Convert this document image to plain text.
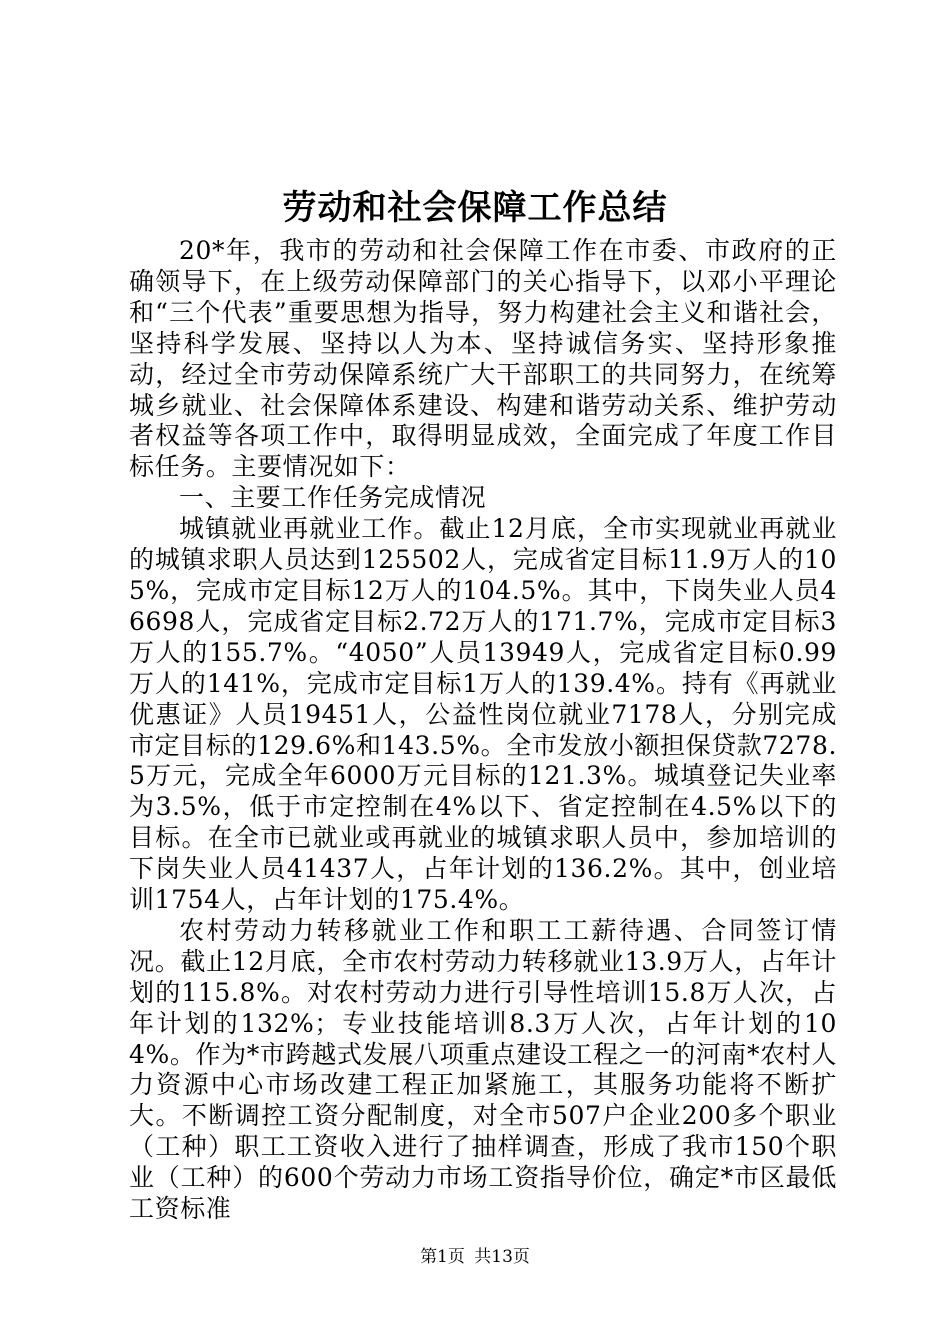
劳动和社会保障工作总结

20*年，我市的劳动和社会保障工作在市委、市政府的正确领导下，在上级劳动保障部门的关心指导下，以邓小平理论和“三个代表”重要思想为指导，努力构建社会主义和谐社会，坚持科学发展、坚持以人为本、坚持诚信务实、坚持形象推动，经过全市劳动保障系统广大干部职工的共同努力，在统筹城乡就业、社会保障体系建设、构建和谐劳动关系、维护劳动者权益等各项工作中，取得明显成效，全面完成了年度工作目标任务。主要情况如下：

一、主要工作任务完成情况

城镇就业再就业工作。截止12月底，全市实现就业再就业的城镇求职人员达到125502人，完成省定目标11.9万人的105%，完成市定目标12万人的104.5%。其中，下岗失业人员46698人，完成省定目标2.72万人的171.7%，完成市定目标3万人的155.7%。“4050”人员13949人，完成省定目标0.99万人的141%，完成市定目标1万人的139.4%。持有《再就业优惠证》人员19451人，公益性岗位就业7178人，分别完成市定目标的129.6%和143.5%。全市发放小额担保贷款7278.5万元，完成全年6000万元目标的121.3%。城填登记失业率为3.5%，低于市定控制在4%以下、省定控制在4.5%以下的目标。在全市已就业或再就业的城镇求职人员中，参加培训的下岗失业人员41437人，占年计划的136.2%。其中，创业培训1754人，占年计划的175.4%。

农村劳动力转移就业工作和职工工薪待遇、合同签订情况。截止12月底，全市农村劳动力转移就业13.9万人，占年计划的115.8%。对农村劳动力进行引导性培训15.8万人次，占年计划的132%；专业技能培训8.3万人次，占年计划的104%。作为*市跨越式发展八项重点建设工程之一的河南*农村人力资源中心市场改建工程正加紧施工，其服务功能将不断扩大。不断调控工资分配制度，对全市507户企业200多个职业（工种）职工工资收入进行了抽样调查，形成了我市150个职业（工种）的600个劳动力市场工资指导价位，确定*市区最低工资标准

第1页 共13页
